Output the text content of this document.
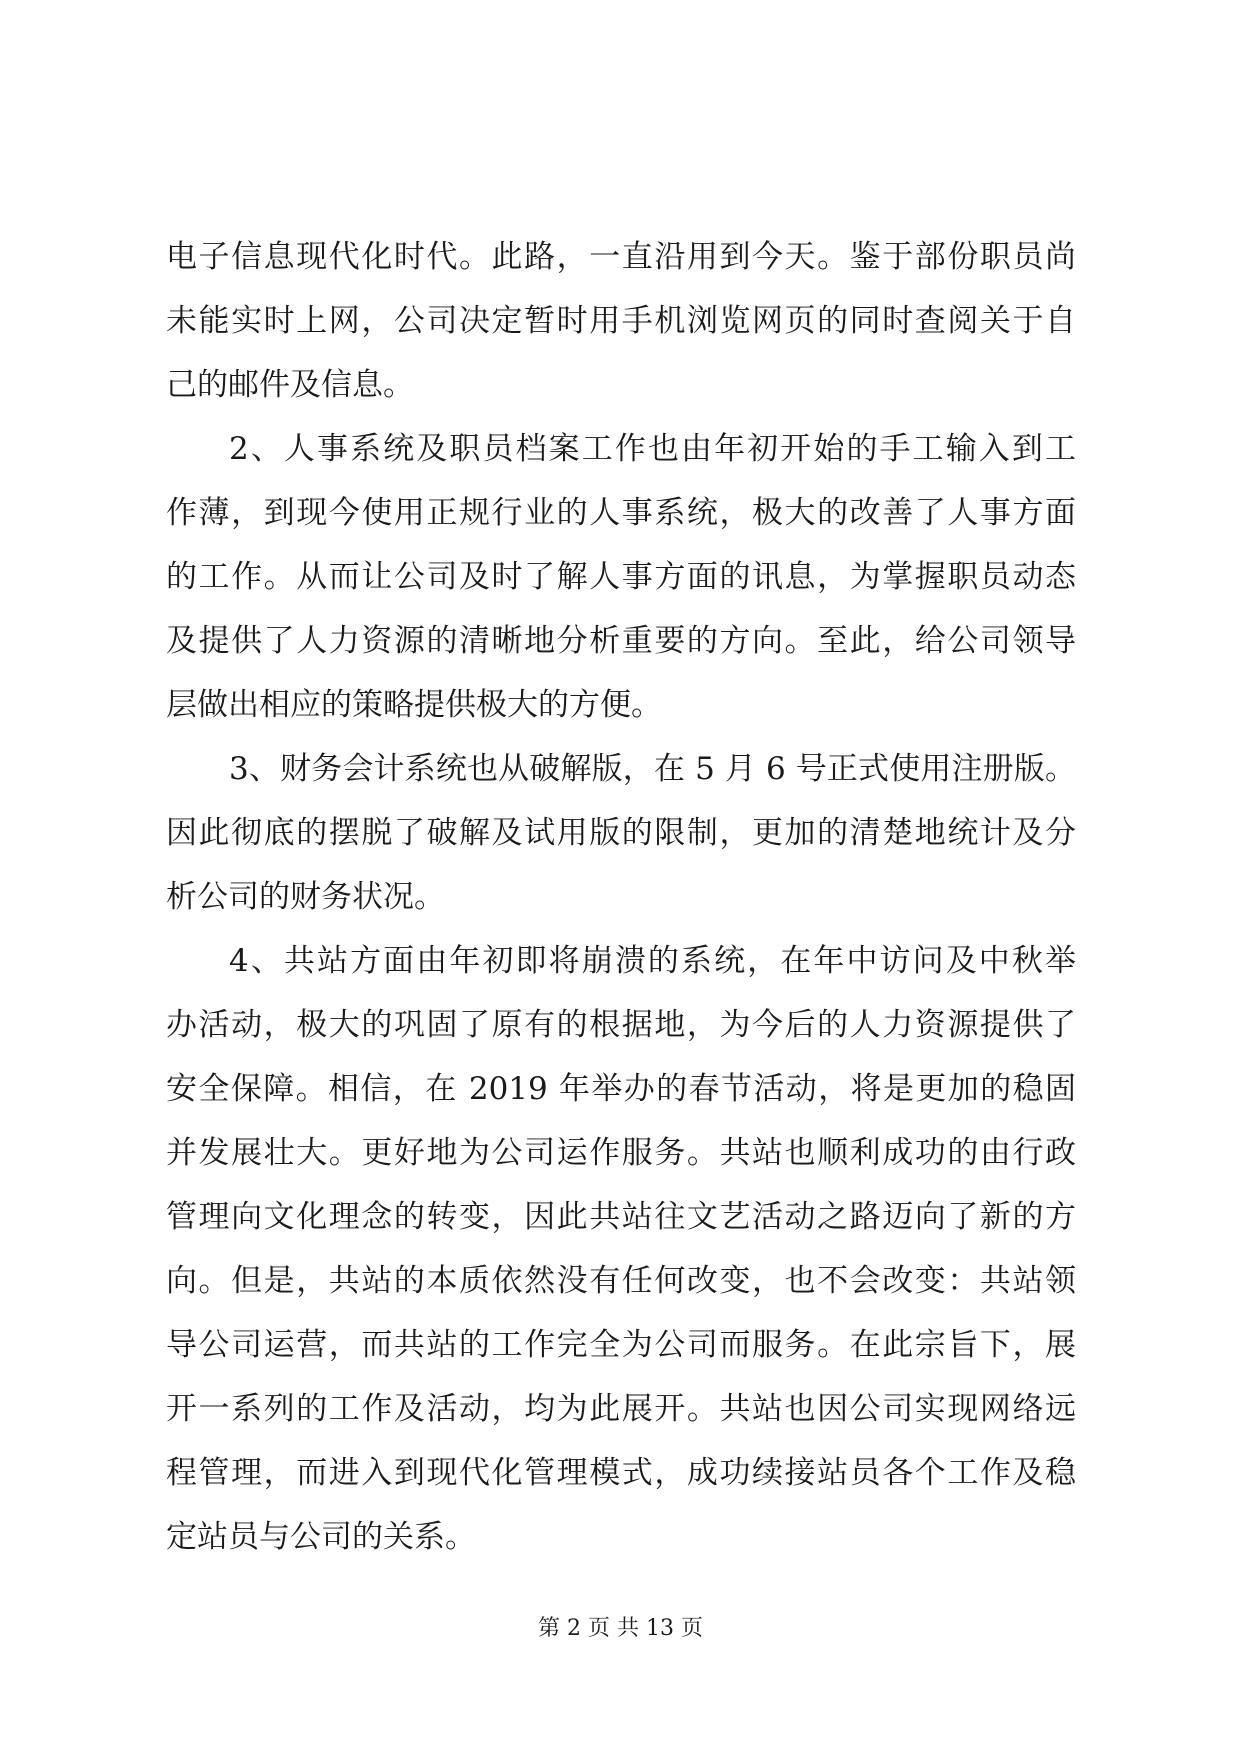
电子信息现代化时代。此路，一直沿用到今天。鉴于部份职员尚
未能实时上网，公司决定暂时用手机浏览网页的同时查阅关于自
己的邮件及信息。
2、人事系统及职员档案工作也由年初开始的手工输入到工
作薄，到现今使用正规行业的人事系统，极大的改善了人事方面
的工作。从而让公司及时了解人事方面的讯息，为掌握职员动态
及提供了人力资源的清晰地分析重要的方向。至此，给公司领导
层做出相应的策略提供极大的方便。
3、财务会计系统也从破解版，在 5 月 6 号正式使用注册版。
因此彻底的摆脱了破解及试用版的限制，更加的清楚地统计及分
析公司的财务状况。
4、共站方面由年初即将崩溃的系统，在年中访问及中秋举
办活动，极大的巩固了原有的根据地，为今后的人力资源提供了
安全保障。相信，在 2019 年举办的春节活动，将是更加的稳固
并发展壮大。更好地为公司运作服务。共站也顺利成功的由行政
管理向文化理念的转变，因此共站往文艺活动之路迈向了新的方
向。但是，共站的本质依然没有任何改变，也不会改变：共站领
导公司运营，而共站的工作完全为公司而服务。在此宗旨下，展
开一系列的工作及活动，均为此展开。共站也因公司实现网络远
程管理，而进入到现代化管理模式，成功续接站员各个工作及稳
定站员与公司的关系。
第 2 页 共 13 页
